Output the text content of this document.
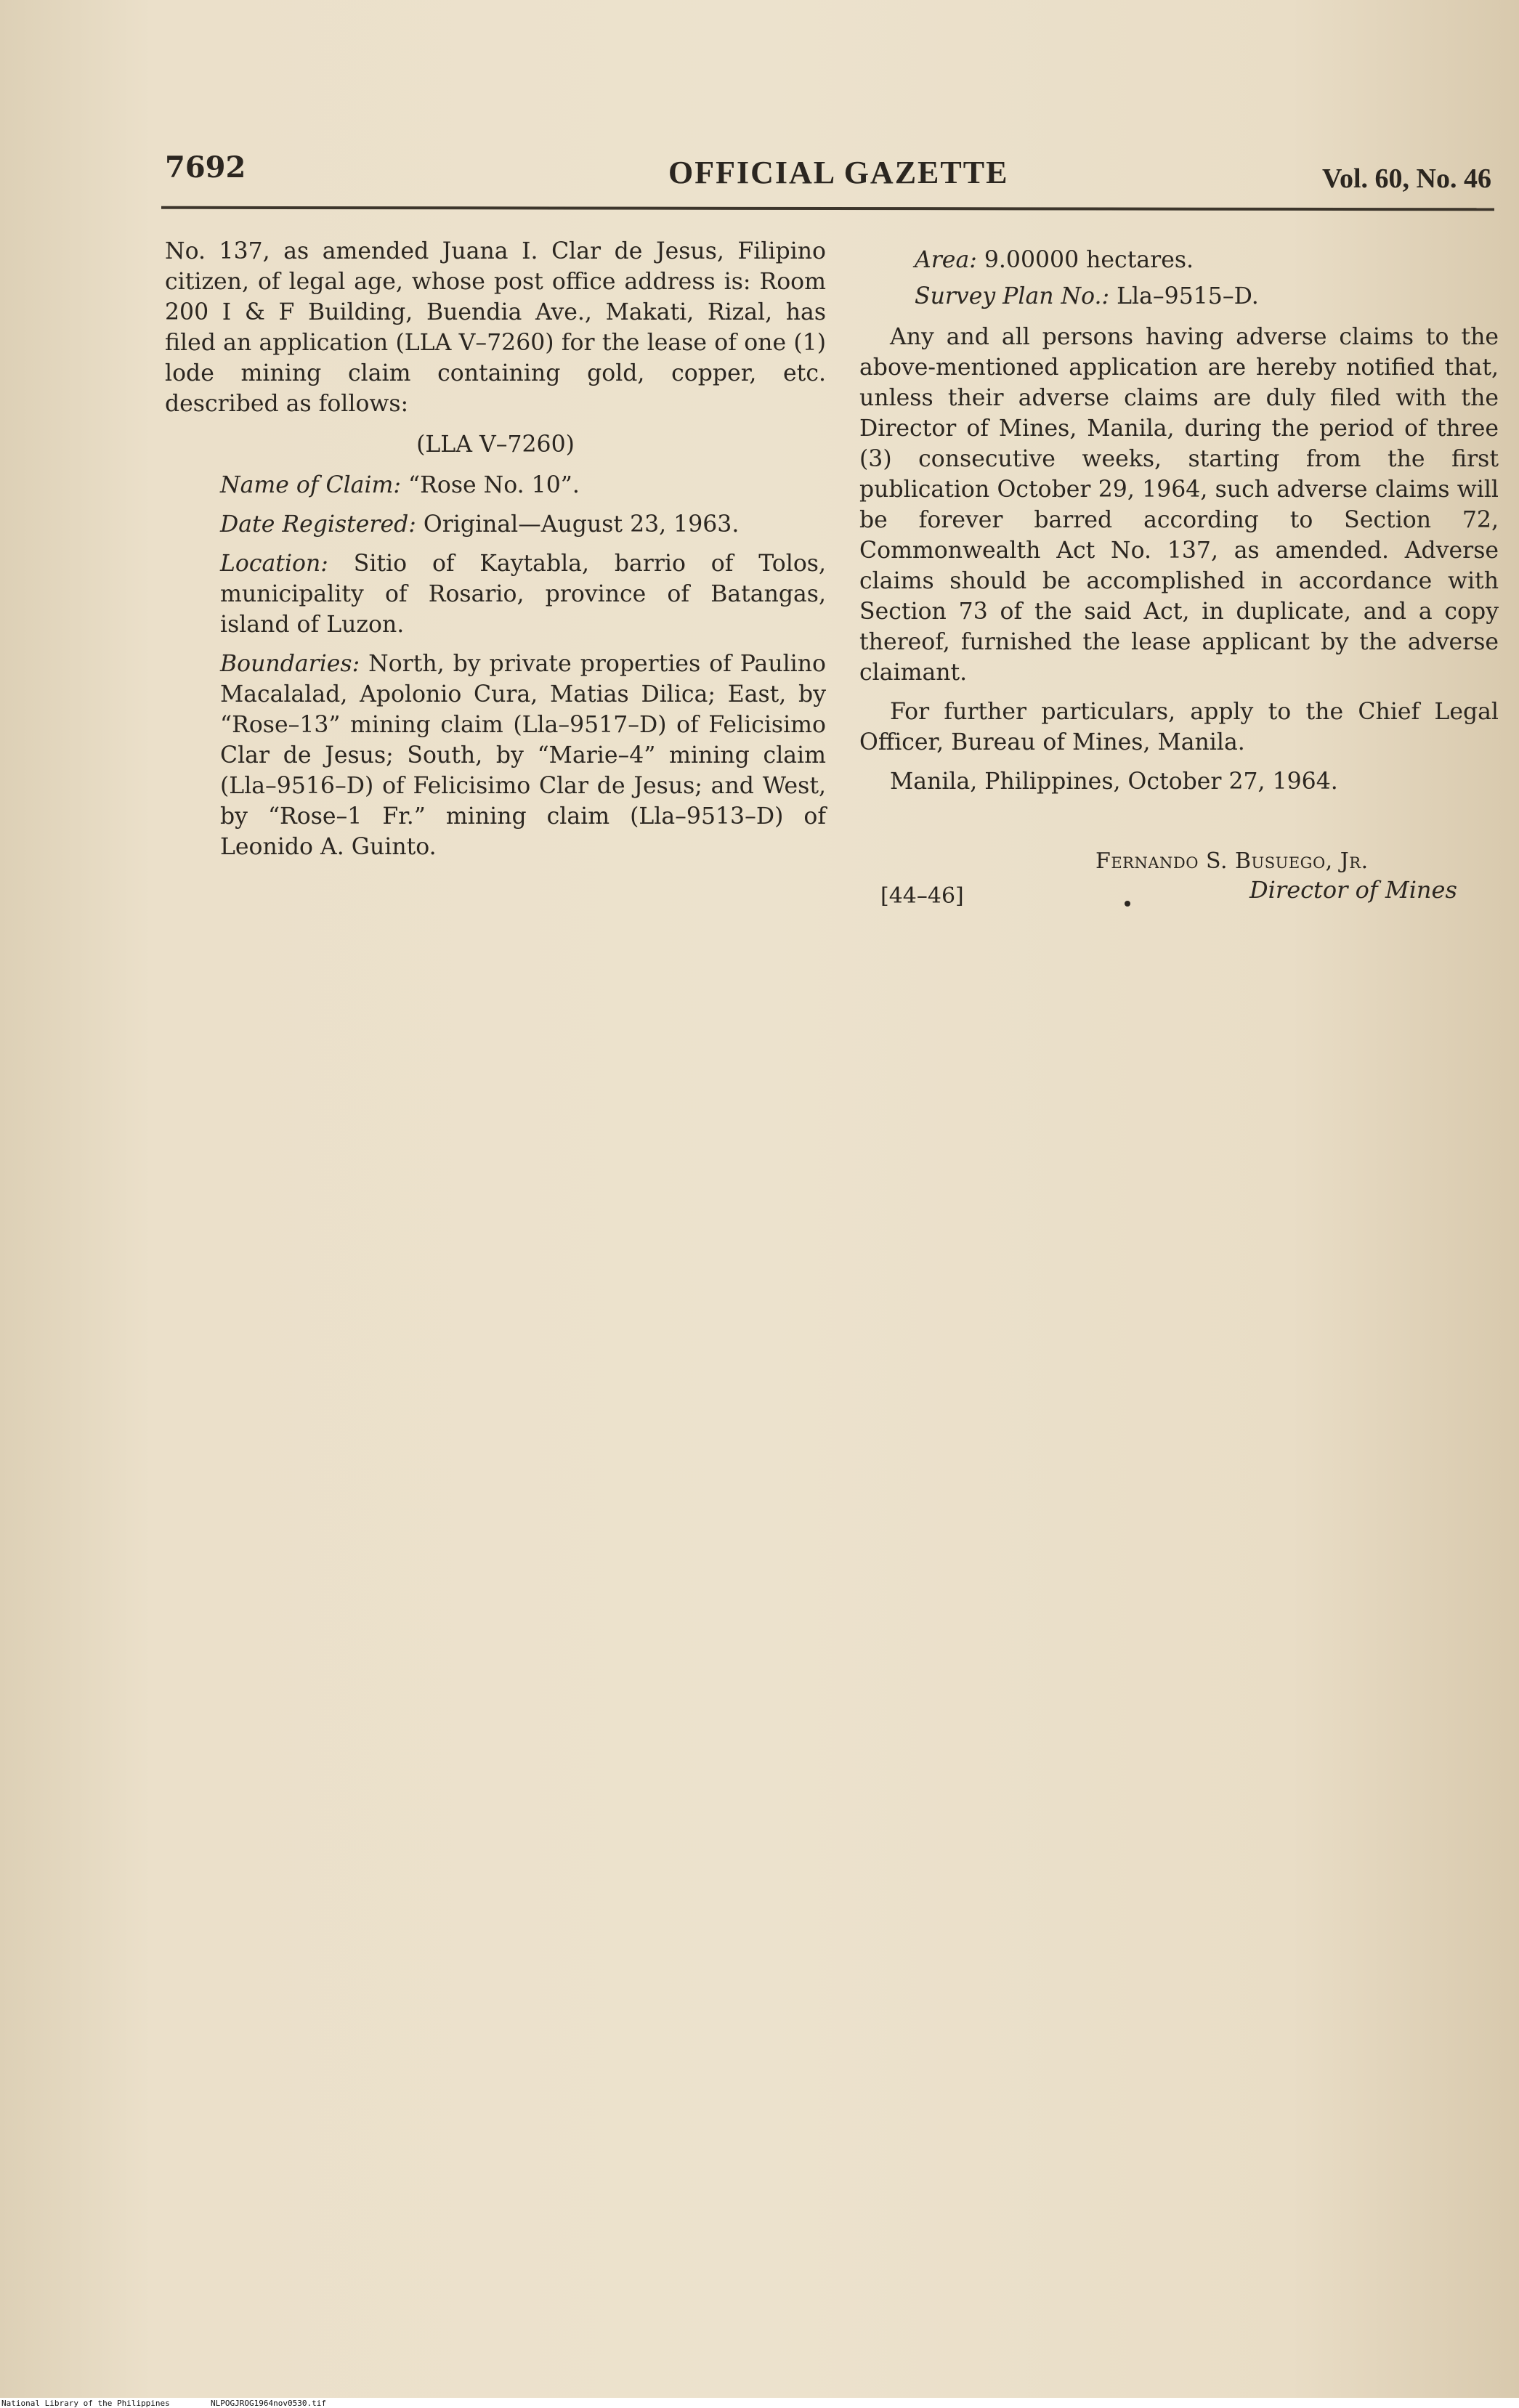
7692	OFFICIAL GAZETTE	Vol. 60, No. 46

No. 137, as amended Juana I. Clar de Jesus, Filipino citizen, of legal age, whose post office address is: Room 200 I & F Building, Buendia Ave., Makati, Rizal, has filed an application (LLA V–7260) for the lease of one (1) lode mining claim containing gold, copper, etc. described as follows:

(LLA V–7260)

Name of Claim: “Rose No. 10”.

Date Registered: Original—August 23, 1963.

Location: Sitio of Kaytabla, barrio of Tolos, municipality of Rosario, province of Batangas, island of Luzon.

Boundaries: North, by private properties of Paulino Macalalad, Apolonio Cura, Matias Dilica; East, by “Rose–13” mining claim (Lla–9517–D) of Felicisimo Clar de Jesus; South, by “Marie–4” mining claim (Lla–9516–D) of Felicisimo Clar de Jesus; and West, by “Rose–1 Fr.” mining claim (Lla–9513–D) of Leonido A. Guinto.

Area: 9.00000 hectares.

Survey Plan No.: Lla–9515–D.

Any and all persons having adverse claims to the above-mentioned application are hereby notified that, unless their adverse claims are duly filed with the Director of Mines, Manila, during the period of three (3) consecutive weeks, starting from the first publication October 29, 1964, such adverse claims will be forever barred according to Section 72, Commonwealth Act No. 137, as amended. Adverse claims should be accomplished in accordance with Section 73 of the said Act, in duplicate, and a copy thereof, furnished the lease applicant by the adverse claimant.

For further particulars, apply to the Chief Legal Officer, Bureau of Mines, Manila.

Manila, Philippines, October 27, 1964.

Fernando S. Busuego, Jr.
Director of Mines
[44–46]
National Library of the Philippines	NLPOGJROG1964nov0530.tif
